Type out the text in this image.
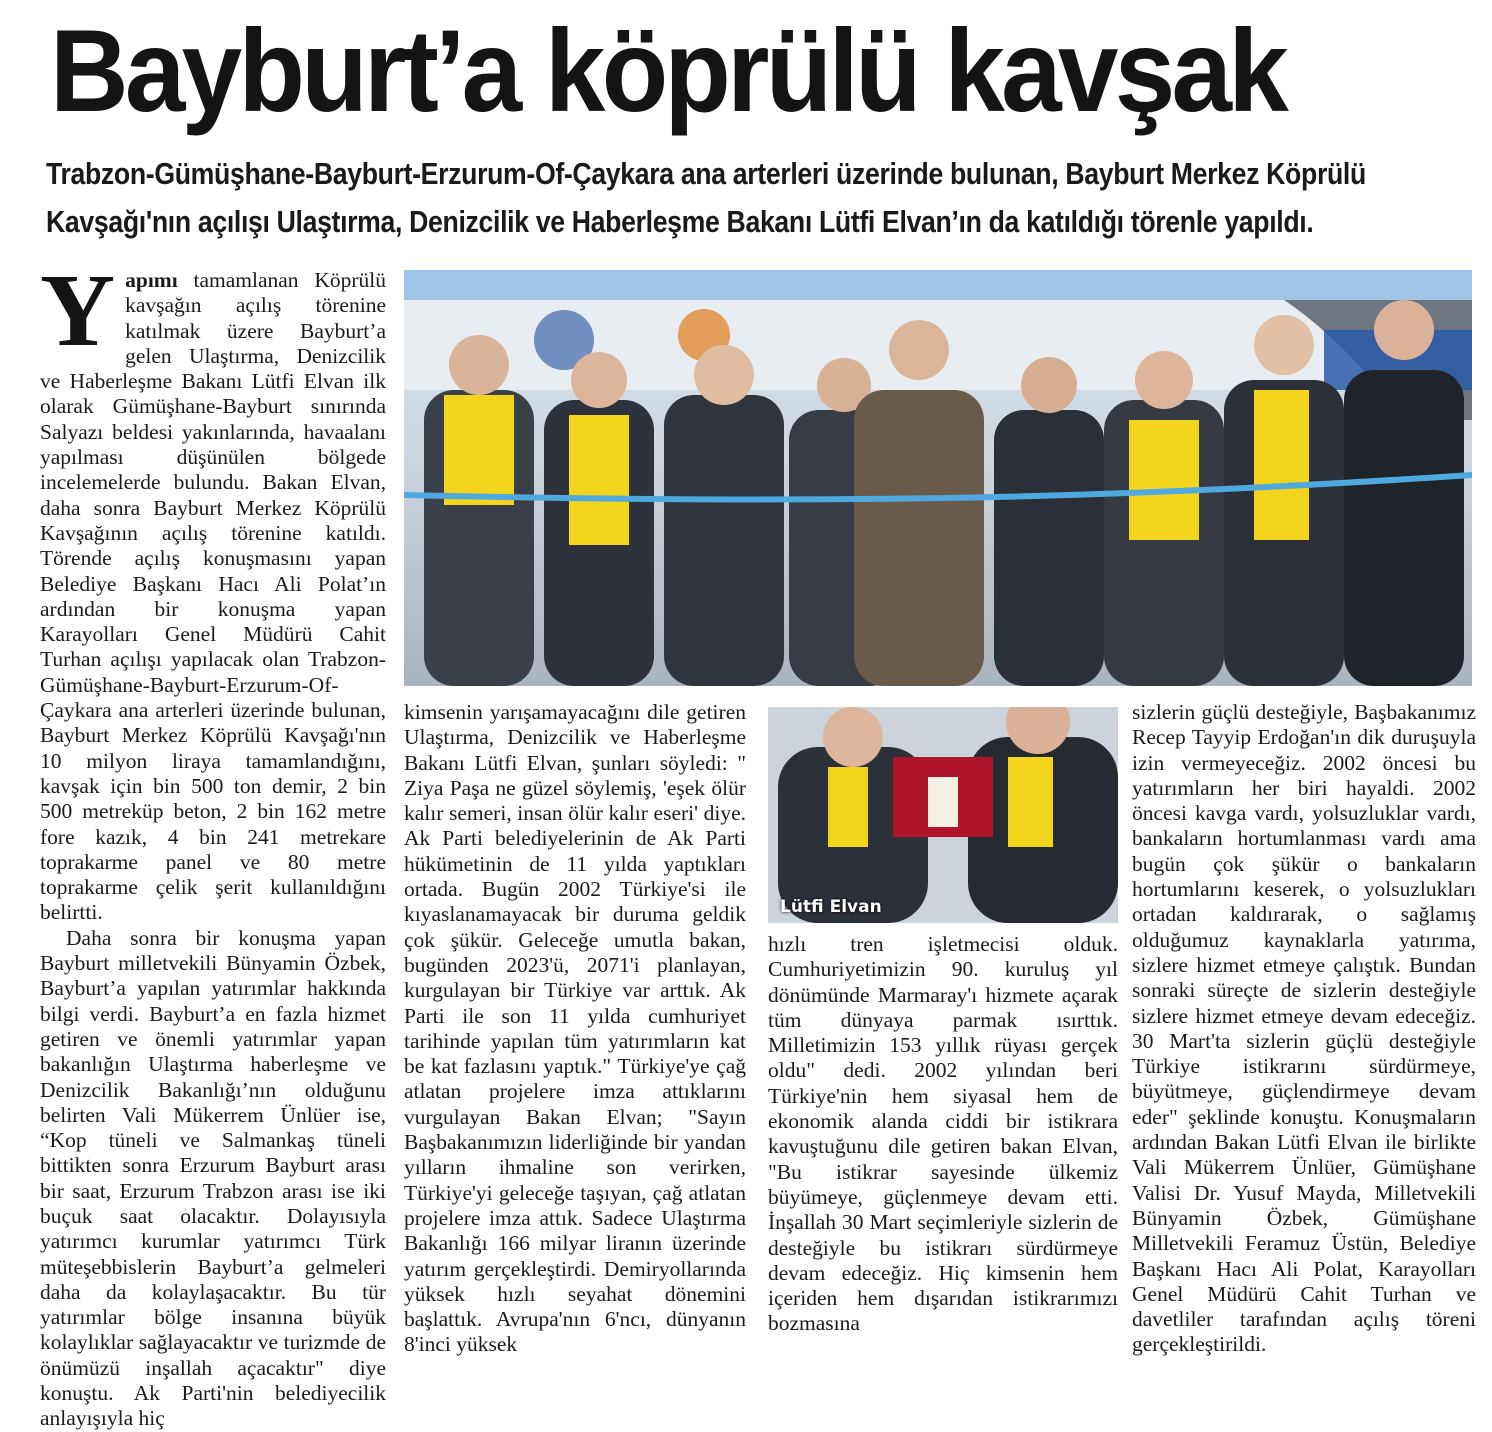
Bayburt’a köprülü kavşak
Trabzon-Gümüşhane-Bayburt-Erzurum-Of-Çaykara ana arterleri üzerinde bulunan, Bayburt Merkez Köprülü
Kavşağı'nın açılışı Ulaştırma, Denizcilik ve Haberleşme Bakanı Lütfi Elvan’ın da katıldığı törenle yapıldı.

Yapımı tamamlanan Köprülü kavşağın açılış törenine katılmak üzere Bayburt’a gelen Ulaştırma, Denizcilik ve Haberleşme Bakanı Lütfi Elvan ilk olarak Gümüşhane-Bayburt sınırında Salyazı beldesi yakınlarında, havaalanı yapılması düşünülen bölgede incelemelerde bulundu. Bakan Elvan, daha sonra Bayburt Merkez Köprülü Kavşağının açılış törenine katıldı. Törende açılış konuşmasını yapan Belediye Başkanı Hacı Ali Polat’ın ardından bir konuşma yapan Karayolları Genel Müdürü Cahit Turhan açılışı yapılacak olan Trabzon-Gümüşhane-Bayburt-Erzurum-Of-Çaykara ana arterleri üzerinde bulunan, Bayburt Merkez Köprülü Kavşağı'nın 10 milyon liraya tamamlandığını, kavşak için bin 500 ton demir, 2 bin 500 metreküp beton, 2 bin 162 metre fore kazık, 4 bin 241 metrekare toprakarme panel ve 80 metre toprakarme çelik şerit kullanıldığını belirtti.

Daha sonra bir konuşma yapan Bayburt milletvekili Bünyamin Özbek, Bayburt’a yapılan yatırımlar hakkında bilgi verdi. Bayburt’a en fazla hizmet getiren ve önemli yatırımlar yapan bakanlığın Ulaştırma haberleşme ve Denizcilik Bakanlığı’nın olduğunu belirten Vali Mükerrem Ünlüer ise, “Kop tüneli ve Salmankaş tüneli bittikten sonra Erzurum Bayburt arası bir saat, Erzurum Trabzon arası ise iki buçuk saat olacaktır. Dolayısıyla yatırımcı kurumlar yatırımcı Türk müteşebbislerin Bayburt’a gelmeleri daha da kolaylaşacaktır. Bu tür yatırımlar bölge insanına büyük kolaylıklar sağlayacaktır ve turizmde de önümüzü inşallah açacaktır" diye konuştu. Ak Parti'nin belediyecilik anlayışıyla hiç

kimsenin yarışamayacağını dile getiren Ulaştırma, Denizcilik ve Haberleşme Bakanı Lütfi Elvan, şunları söyledi: " Ziya Paşa ne güzel söylemiş, 'eşek ölür kalır semeri, insan ölür kalır eseri' diye. Ak Parti belediyelerinin de Ak Parti hükümetinin de 11 yılda yaptıkları ortada. Bugün 2002 Türkiye'si ile kıyaslanamayacak bir duruma geldik çok şükür. Geleceğe umutla bakan, bugünden 2023'ü, 2071'i planlayan, kurgulayan bir Türkiye var arttık. Ak Parti ile son 11 yılda cumhuriyet tarihinde yapılan tüm yatırımların kat be kat fazlasını yaptık." Türkiye'ye çağ atlatan projelere imza attıklarını vurgulayan Bakan Elvan; "Sayın Başbakanımızın liderliğinde bir yandan yılların ihmaline son verirken, Türkiye'yi geleceğe taşıyan, çağ atlatan projelere imza attık. Sadece Ulaştırma Bakanlığı 166 milyar liranın üzerinde yatırım gerçekleştirdi. Demiryollarında yüksek hızlı seyahat dönemini başlattık. Avrupa'nın 6'ncı, dünyanın 8'inci yüksek

Lütfi Elvan

hızlı tren işletmecisi olduk. Cumhuriyetimizin 90. kuruluş yıl dönümünde Marmaray'ı hizmete açarak tüm dünyaya parmak ısırttık. Milletimizin 153 yıllık rüyası gerçek oldu" dedi. 2002 yılından beri Türkiye'nin hem siyasal hem de ekonomik alanda ciddi bir istikrara kavuştuğunu dile getiren bakan Elvan, "Bu istikrar sayesinde ülkemiz büyümeye, güçlenmeye devam etti. İnşallah 30 Mart seçimleriyle sizlerin de desteğiyle bu istikrarı sürdürmeye devam edeceğiz. Hiç kimsenin hem içeriden hem dışarıdan istikrarımızı bozmasına

sizlerin güçlü desteğiyle, Başbakanımız Recep Tayyip Erdoğan'ın dik duruşuyla izin vermeyeceğiz. 2002 öncesi bu yatırımların her biri hayaldi. 2002 öncesi kavga vardı, yolsuzluklar vardı, bankaların hortumlanması vardı ama bugün çok şükür o bankaların hortumlarını keserek, o yolsuzlukları ortadan kaldırarak, o sağlamış olduğumuz kaynaklarla yatırıma, sizlere hizmet etmeye çalıştık. Bundan sonraki süreçte de sizlerin desteğiyle sizlere hizmet etmeye devam edeceğiz. 30 Mart'ta sizlerin güçlü desteğiyle Türkiye istikrarını sürdürmeye, büyütmeye, güçlendirmeye devam eder" şeklinde konuştu. Konuşmaların ardından Bakan Lütfi Elvan ile birlikte Vali Mükerrem Ünlüer, Gümüşhane Valisi Dr. Yusuf Mayda, Milletvekili Bünyamin Özbek, Gümüşhane Milletvekili Feramuz Üstün, Belediye Başkanı Hacı Ali Polat, Karayolları Genel Müdürü Cahit Turhan ve davetliler tarafından açılış töreni gerçekleştirildi.
